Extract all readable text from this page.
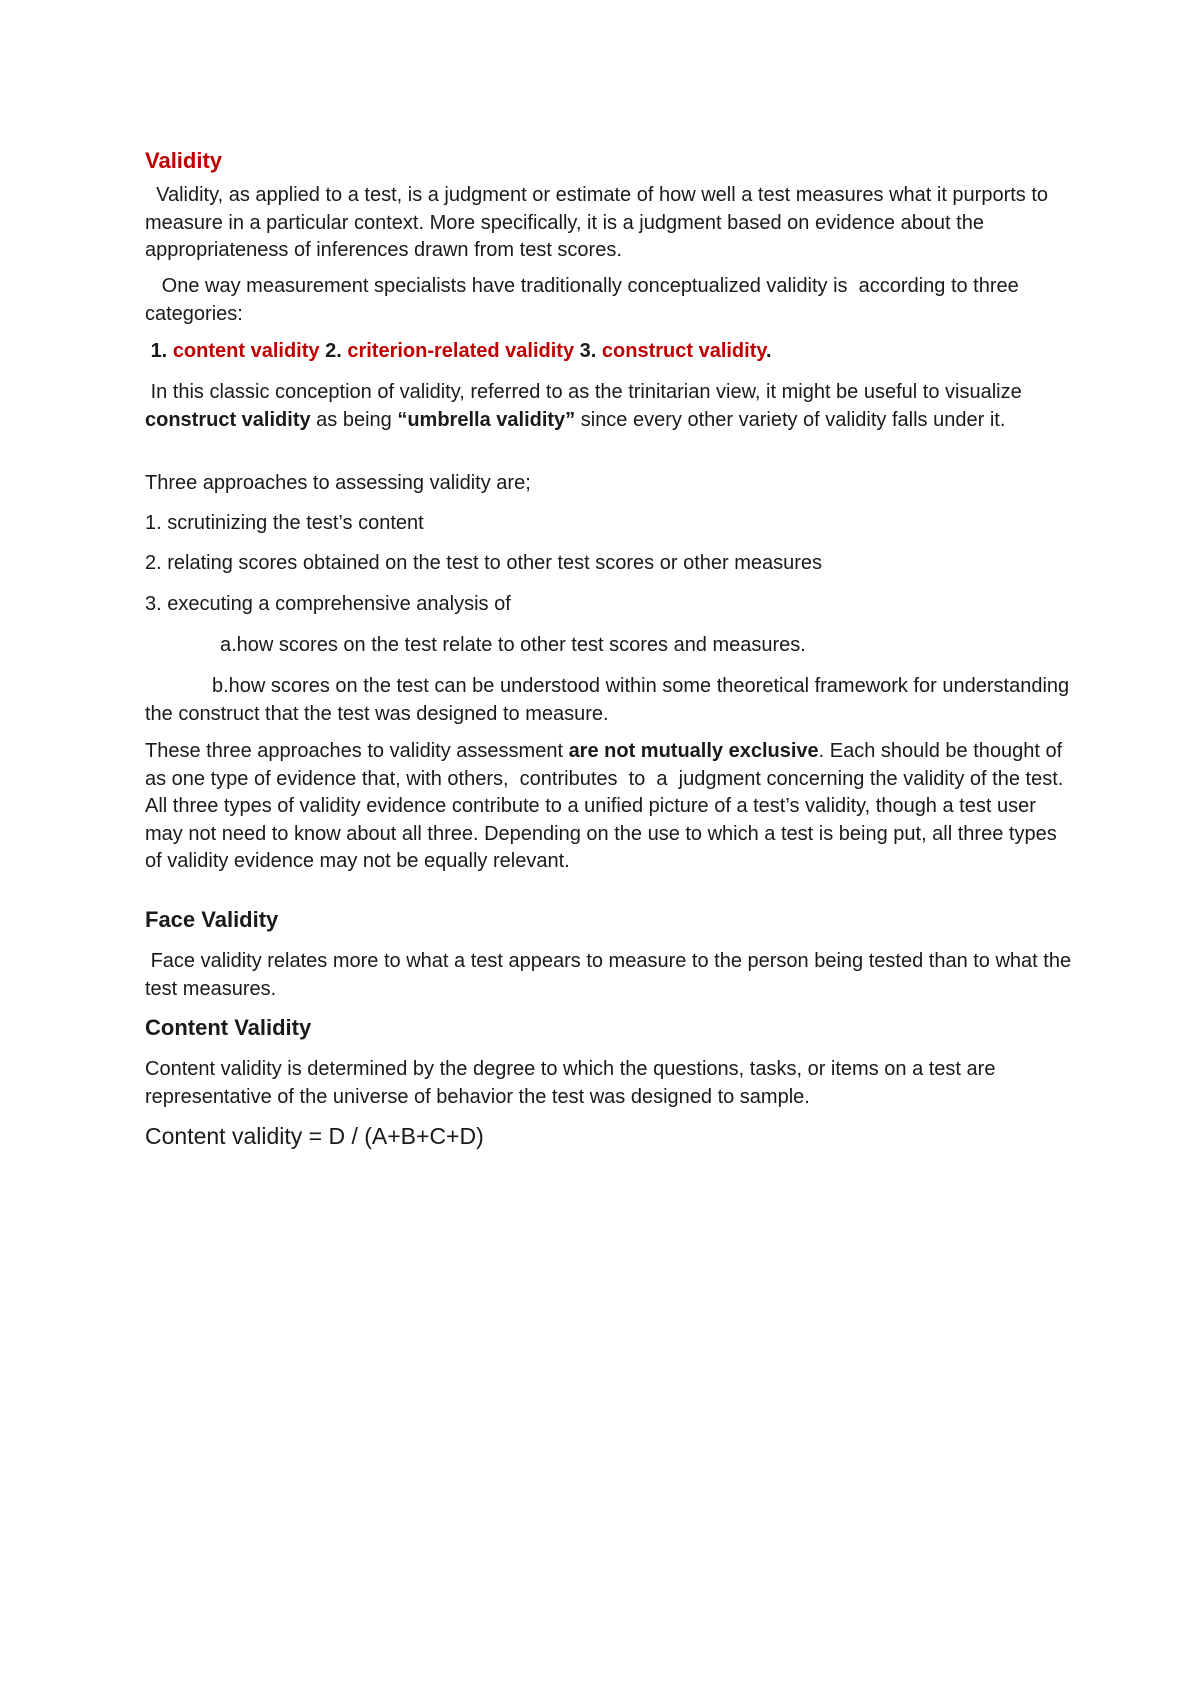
Validity

Validity, as applied to a test, is a judgment or estimate of how well a test measures what it purports to measure in a particular context. More specifically, it is a judgment based on evidence about the appropriateness of inferences drawn from test scores.

One way measurement specialists have traditionally conceptualized validity is  according to three categories:

1. content validity 2. criterion-related validity 3. construct validity.

In this classic conception of validity, referred to as the trinitarian view, it might be useful to visualize construct validity as being “umbrella validity” since every other variety of validity falls under it.

Three approaches to assessing validity are;

1. scrutinizing the test’s content

2. relating scores obtained on the test to other test scores or other measures

3. executing a comprehensive analysis of

a.how scores on the test relate to other test scores and measures.

b.how scores on the test can be understood within some theoretical framework for understanding the construct that the test was designed to measure.

These three approaches to validity assessment are not mutually exclusive. Each should be thought of as one type of evidence that, with others,  contributes  to  a  judgment concerning the validity of the test. All three types of validity evidence contribute to a unified picture of a test’s validity, though a test user may not need to know about all three. Depending on the use to which a test is being put, all three types of validity evidence may not be equally relevant.

Face Validity

Face validity relates more to what a test appears to measure to the person being tested than to what the test measures.

Content Validity

Content validity is determined by the degree to which the questions, tasks, or items on a test are representative of the universe of behavior the test was designed to sample.

Content validity = D / (A+B+C+D)
